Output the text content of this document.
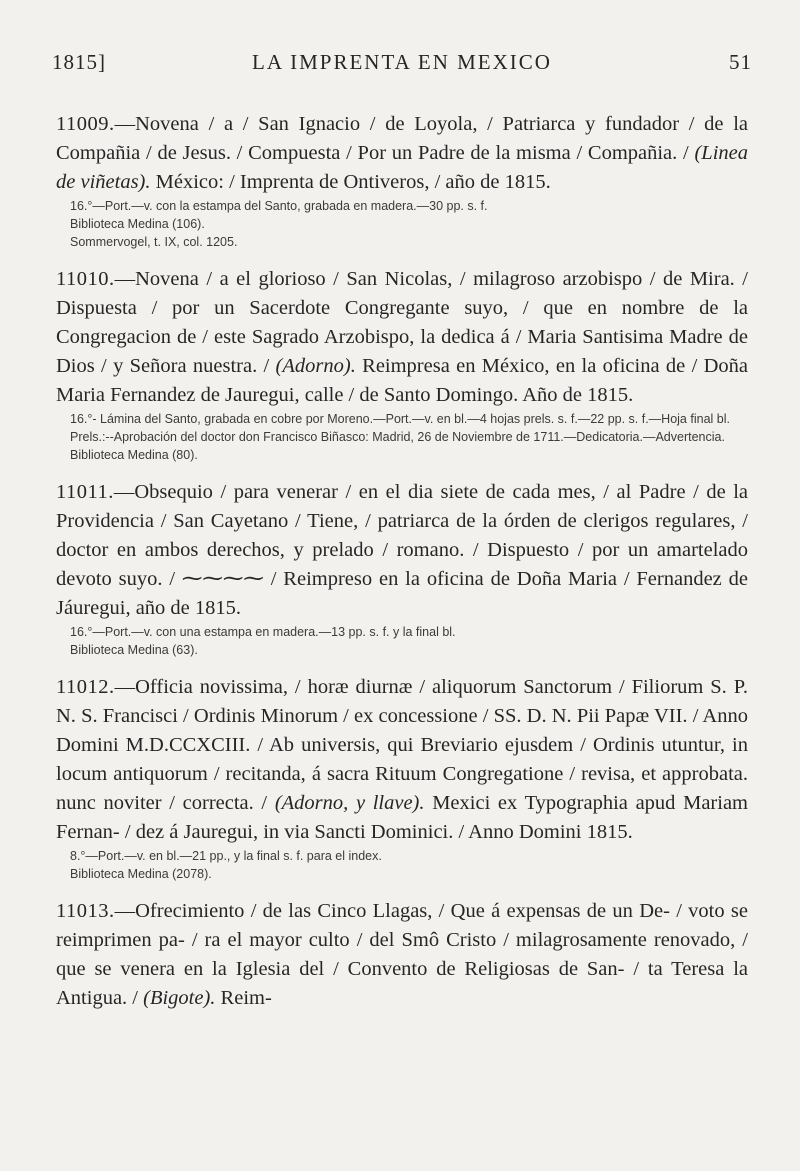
1815]	LA IMPRENTA EN MEXICO	51

11009.—Novena / a / San Ignacio / de Loyola, / Patriarca y fundador / de la Compañia / de Jesus. / Compuesta / Por un Padre de la misma / Compañia. / (Linea de viñetas). México: / Imprenta de Ontiveros, / año de 1815.

16.°—Port.—v. con la estampa del Santo, grabada en madera.—30 pp. s. f.

Biblioteca Medina (106).

Sommervogel, t. IX, col. 1205.

11010.—Novena / a el glorioso / San Nicolas, / milagroso arzobispo / de Mira. / Dispuesta / por un Sacerdote Congregante suyo, / que en nombre de la Congregacion de / este Sagrado Arzobispo, la dedica á / Maria Santisima Madre de Dios / y Señora nuestra. / (Adorno). Reimpresa en México, en la oficina de / Doña Maria Fernandez de Jauregui, calle / de Santo Domingo. Año de 1815.

16.°- Lámina del Santo, grabada en cobre por Moreno.—Port.—v. en bl.—4 hojas prels. s. f.—22 pp. s. f.—Hoja final bl.

Prels.:--Aprobación del doctor don Francisco Biñasco: Madrid, 26 de Noviembre de 1711.—Dedicatoria.—Advertencia.

Biblioteca Medina (80).

11011.—Obsequio / para venerar / en el dia siete de cada mes, / al Padre / de la Providencia / San Cayetano / Tiene, / patriarca de la órden de clerigos regulares, / doctor en ambos derechos, y prelado / romano. / Dispuesto / por un amartelado devoto suyo. / ⁓⁓⁓⁓ / Reimpreso en la oficina de Doña Maria / Fernandez de Jáuregui, año de 1815.

16.°—Port.—v. con una estampa en madera.—13 pp. s. f. y la final bl.

Biblioteca Medina (63).

11012.—Officia novissima, / horæ diurnæ / aliquorum Sanctorum / Filiorum S. P. N. S. Francisci / Ordinis Minorum / ex concessione / SS. D. N. Pii Papæ VII. / Anno Domini M.D.CCXCIII. / Ab universis, qui Breviario ejusdem / Ordinis utuntur, in locum antiquorum / recitanda, á sacra Rituum Congregatione / revisa, et approbata. nunc noviter / correcta. / (Adorno, y llave). Mexici ex Typographia apud Mariam Fernan- / dez á Jauregui, in via Sancti Dominici. / Anno Domini 1815.

8.°—Port.—v. en bl.—21 pp., y la final s. f. para el index.

Biblioteca Medina (2078).

11013.—Ofrecimiento / de las Cinco Llagas, / Que á expensas de un De- / voto se reimprimen pa- / ra el mayor culto / del Smô Cristo / milagrosamente renovado, / que se venera en la Iglesia del / Convento de Religiosas de San- / ta Teresa la Antigua. / (Bigote). Reim-
